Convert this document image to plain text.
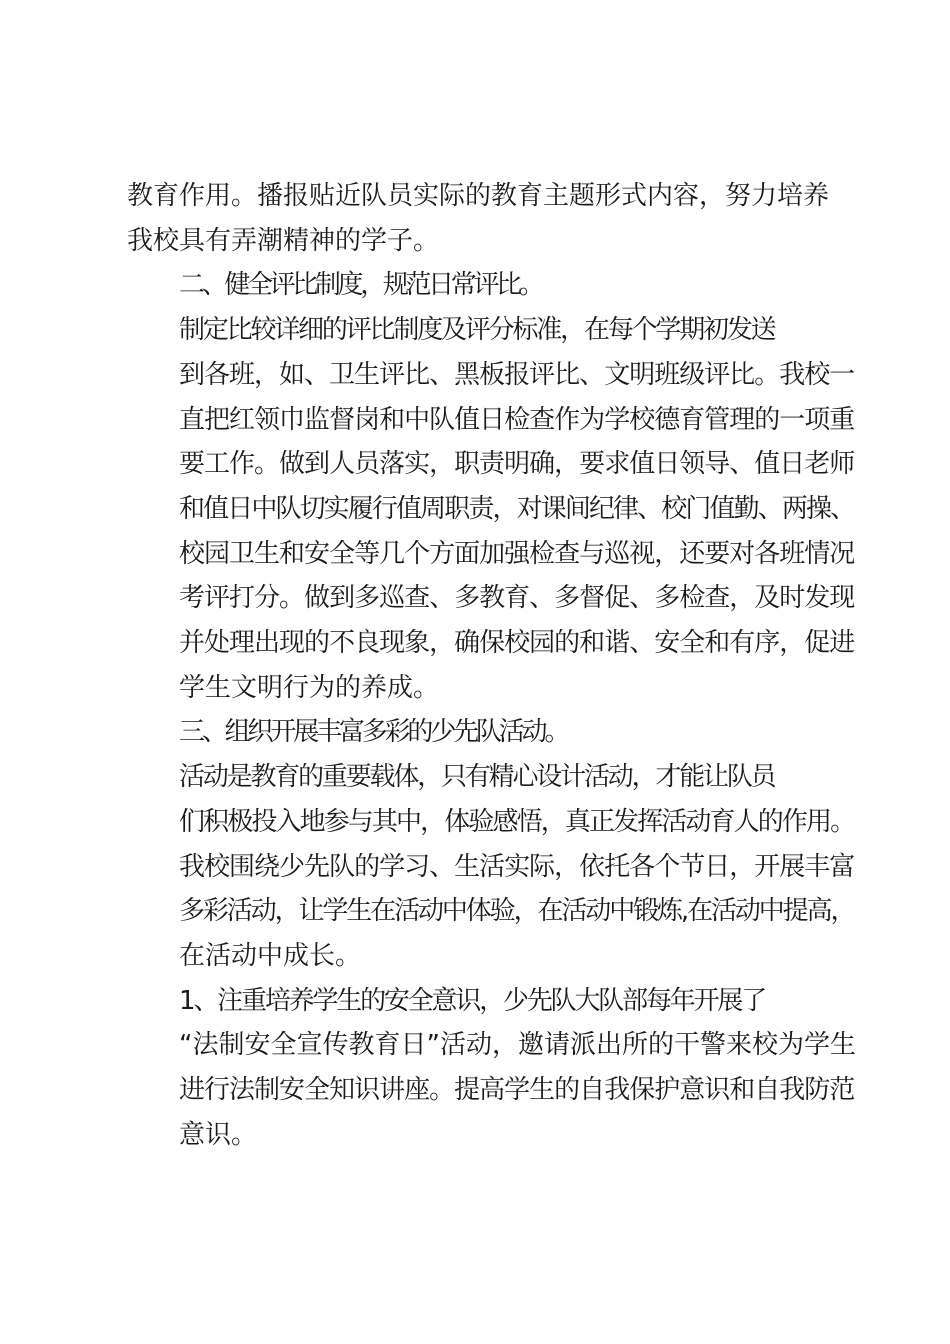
教育作用。播报贴近队员实际的教育主题形式内容，努力培养
我校具有弄潮精神的学子。
二、健全评比制度，规范日常评比。
制定比较详细的评比制度及评分标准，在每个学期初发送
到各班，如、卫生评比、黑板报评比、文明班级评比。我校一
直把红领巾监督岗和中队值日检查作为学校德育管理的一项重
要工作。做到人员落实，职责明确，要求值日领导、值日老师
和值日中队切实履行值周职责，对课间纪律、校门值勤、两操、
校园卫生和安全等几个方面加强检查与巡视，还要对各班情况
考评打分。做到多巡查、多教育、多督促、多检查，及时发现
并处理出现的不良现象，确保校园的和谐、安全和有序，促进
学生文明行为的养成。
三、组织开展丰富多彩的少先队活动。
活动是教育的重要载体，只有精心设计活动，才能让队员
们积极投入地参与其中，体验感悟，真正发挥活动育人的作用。
我校围绕少先队的学习、生活实际，依托各个节日，开展丰富
多彩活动，让学生在活动中体验，在活动中锻炼,在活动中提高，
在活动中成长。
1、注重培养学生的安全意识，少先队大队部每年开展了
“法制安全宣传教育日”活动，邀请派出所的干警来校为学生
进行法制安全知识讲座。提高学生的自我保护意识和自我防范
意识。
